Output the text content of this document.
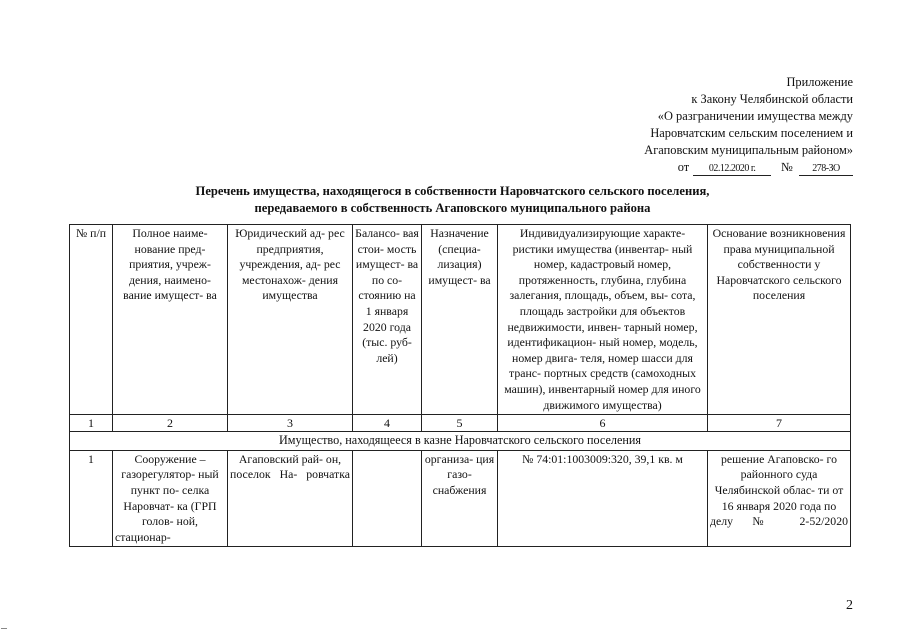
Приложение
к Закону Челябинской области
«О разграничении имущества между
Наровчатским сельским поселением и
Агаповским муниципальным районом»
от 02.12.2020 г. № 278-ЗО
Перечень имущества, находящегося в собственности Наровчатского сельского поселения,
передаваемого в собственность Агаповского муниципального района
№ п/п	Полное наиме- нование пред- приятия, учреж- дения, наимено- вание имущест- ва	Юридический ад- рес предприятия, учреждения, ад- рес местонахож- дения имущества	Балансо- вая стои- мость имущест- ва по со- стоянию на 1 января 2020 года (тыс. руб- лей)	Назначение (специа- лизация) имущест- ва	Индивидуализирующие характе- ристики имущества (инвентар- ный номер, кадастровый номер, протяженность, глубина, глубина залегания, площадь, объем, вы- сота, площадь застройки для объектов недвижимости, инвен- тарный номер, идентификацион- ный номер, модель, номер двига- теля, номер шасси для транс- портных средств (самоходных машин), инвентарный номер для иного движимого имущества)	Основание возникновения права муниципальной собственности у Наровчатского сельского поселения
1	2	3	4	5	6	7
Имущество, находящееся в казне Наровчатского сельского поселения						
1	Сооружение – газорегулятор- ный пункт по- селка Наровчат- ка (ГРП голов- ной, стационар-	Агаповский рай- он, поселок На- ровчатка		организа- ция газо- снабжения	№ 74:01:1003009:320, 39,1 кв. м	решение Агаповско- го районного суда Челябинской облас- ти от 16 января 2020 года по делу № 2-52/2020
2
